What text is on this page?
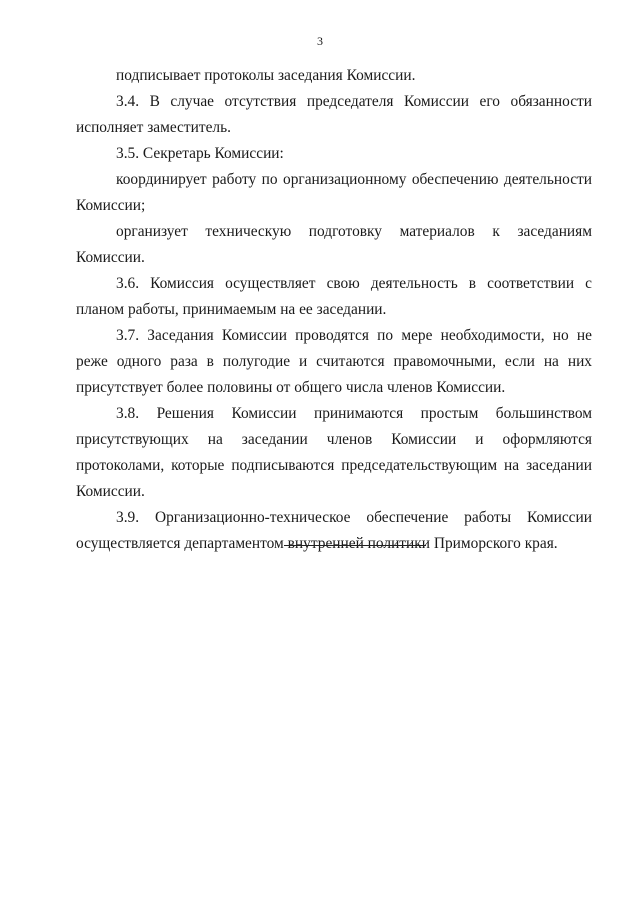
3

подписывает протоколы заседания Комиссии.

3.4. В случае отсутствия председателя Комиссии его обязанности исполняет заместитель.

3.5. Секретарь Комиссии:

координирует работу по организационному обеспечению деятельности Комиссии;

организует техническую подготовку материалов к заседаниям Комиссии.

3.6. Комиссия осуществляет свою деятельность в соответствии с планом работы, принимаемым на ее заседании.

3.7. Заседания Комиссии проводятся по мере необходимости, но не реже одного раза в полугодие и считаются правомочными, если на них присутствует более половины от общего числа членов Комиссии.

3.8. Решения Комиссии принимаются простым большинством присутствующих на заседании членов Комиссии и оформляются протоколами, которые подписываются председательствующим на заседании Комиссии.

3.9. Организационно-техническое обеспечение работы Комиссии осуществляется департаментом внутренней политики Приморского края.
